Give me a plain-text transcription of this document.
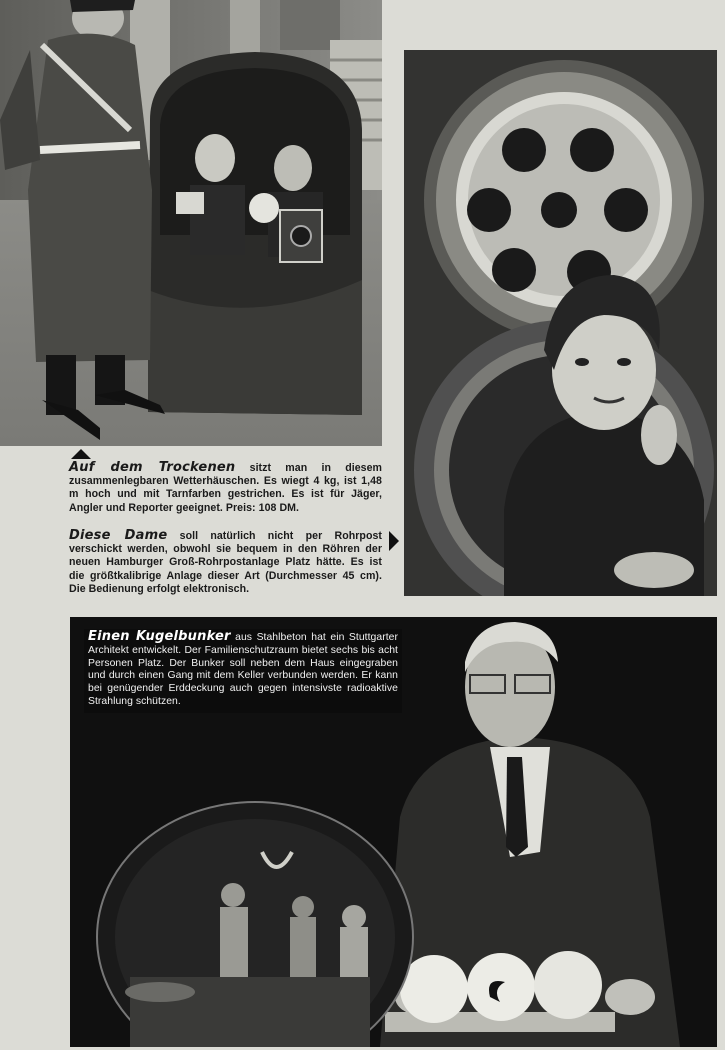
Auf dem Trockenen sitzt man in diesem zusammenlegbaren Wetterhäuschen. Es wiegt 4 kg, ist 1,48 m hoch und mit Tarnfarben gestrichen. Es ist für Jäger, Angler und Reporter geeignet. Preis: 108 DM.
Diese Dame soll natürlich nicht per Rohrpost verschickt werden, obwohl sie bequem in den Röhren der neuen Hamburger Groß-Rohrpostanlage Platz hätte. Es ist die größtkalibrige Anlage dieser Art (Durchmesser 45 cm). Die Bedienung erfolgt elektronisch.
Einen Kugelbunker aus Stahlbeton hat ein Stuttgarter Architekt entwickelt. Der Familienschutzraum bietet sechs bis acht Personen Platz. Der Bunker soll neben dem Haus eingegraben und durch einen Gang mit dem Keller verbunden werden. Er kann bei genügender Erddeckung auch gegen intensivste radioaktive Strahlung schützen.
